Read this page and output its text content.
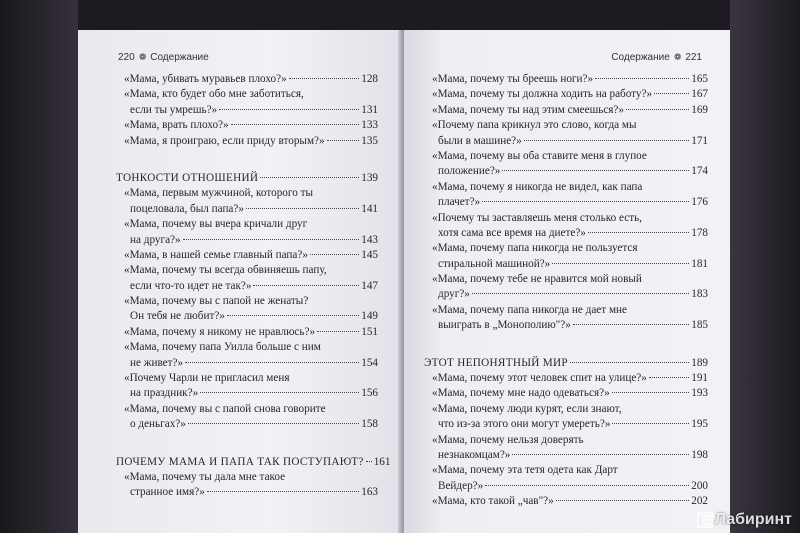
220 ❁ Содержание
«Мама, убивать муравьев плохо?»	128
«Мама, кто будет обо мне заботиться,
если ты умрешь?»	131
«Мама, врать плохо?»	133
«Мама, я проиграю, если приду вторым?»	135
ТОНКОСТИ ОТНОШЕНИЙ	139
«Мама, первым мужчиной, которого ты
поцеловала, был папа?»	141
«Мама, почему вы вчера кричали друг
на друга?»	143
«Мама, в нашей семье главный папа?»	145
«Мама, почему ты всегда обвиняешь папу,
если что-то идет не так?»	147
«Мама, почему вы с папой не женаты?
Он тебя не любит?»	149
«Мама, почему я никому не нравлюсь?»	151
«Мама, почему папа Уилла больше с ним
не живет?»	154
«Почему Чарли не пригласил меня
на праздник?»	156
«Мама, почему вы с папой снова говорите
о деньгах?»	158
ПОЧЕМУ МАМА И ПАПА ТАК ПОСТУПАЮТ? 161
«Мама, почему ты дала мне такое
странное имя?»	163
Содержание ❁ 221
«Мама, почему ты бреешь ноги?»	165
«Мама, почему ты должна ходить на работу?»	167
«Мама, почему ты над этим смеешься?»	169
«Почему папа крикнул это слово, когда мы
были в машине?»	171
«Мама, почему вы оба ставите меня в глупое
положение?»	174
«Мама, почему я никогда не видел, как папа
плачет?»	176
«Почему ты заставляешь меня столько есть,
хотя сама все время на диете?»	178
«Мама, почему папа никогда не пользуется
стиральной машиной?»	181
«Мама, почему тебе не нравится мой новый
друг?»	183
«Мама, почему папа никогда не дает мне
выиграть в „Монополию"?»	185
ЭТОТ НЕПОНЯТНЫЙ МИР	189
«Мама, почему этот человек спит на улице?»	191
«Мама, почему мне надо одеваться?»	193
«Мама, почему люди курят, если знают,
что из-за этого они могут умереть?»	195
«Мама, почему нельзя доверять
незнакомцам?»	198
«Мама, почему эта тетя одета как Дарт
Вейдер?»	200
«Мама, кто такой „чав"?»	202
Лабиринт
